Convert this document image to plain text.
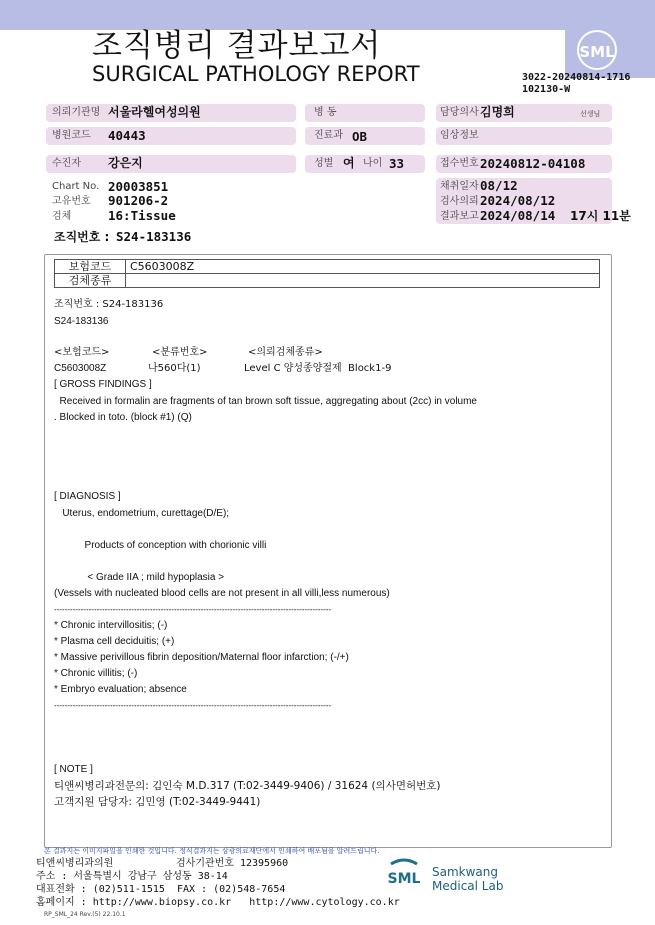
SML
조직병리 결과보고서
SURGICAL PATHOLOGY REPORT	3022-20240814-1716
102130-W
의뢰기관명 서울라헬여성의원	병 동	담당의사 김명희	선생님
병원코드 40443	진료과 OB	임상정보
수진자 강은지	성별 여 나이 33	접수번호 20240812-04108
Chart No. 20003851
고유번호 901206-2
검체	16:Tissue
채취일자 08/12
검사의뢰 2024/08/12
결과보고 2024/08/14 17시 11분
조직번호 : S24-183136
보험코드	C5603008Z
검체종류	
조직번호 : S24-183136
S24-183136
<보험코드>	<분류번호>	<의뢰검체종류>
C5603008Z	나560다(1)	Level C 양성종양절제  Block1-9
[ GROSS FINDINGS ]
Received in formalin are fragments of tan brown soft tissue, aggregating about (2cc) in volume
. Blocked in toto. (block #1) (Q)
[ DIAGNOSIS ]
Uterus, endometrium, curettage(D/E);
Products of conception with chorionic villi
< Grade IIA ; mild hypoplasia >
(Vessels with nucleated blood cells are not present in all villi,less numerous)
--------------------------------------------------------------------------------------------------------
* Chronic intervillositis; (-)
* Plasma cell deciduitis; (+)
* Massive perivillous fibrin deposition/Maternal floor infarction; (-/+)
* Chronic villitis; (-)
* Embryo evaluation; absence
--------------------------------------------------------------------------------------------------------
[ NOTE ]
티앤씨병리과전문의: 김인숙 M.D.317 (T:02-3449-9406) / 31624 (의사면허번호)
고객지원 담당자: 김민영 (T:02-3449-9441)
본 결과지는 이미지파일을 인쇄한 것입니다. 정식결과지는 삼광의료재단에서 인쇄하여 배포됨을 알려드립니다.
티앤씨병리과의원	검사기관번호 12395960
주소 : 서울특별시 강남구 삼성동 38-14
대표전화 : (02)511-1515  FAX : (02)548-7654
홈페이지 : http://www.biopsy.co.kr   http://www.cytology.co.kr
RP_SML_24 Rev.(5) 22.10.1
SML Samkwang
Medical Lab
